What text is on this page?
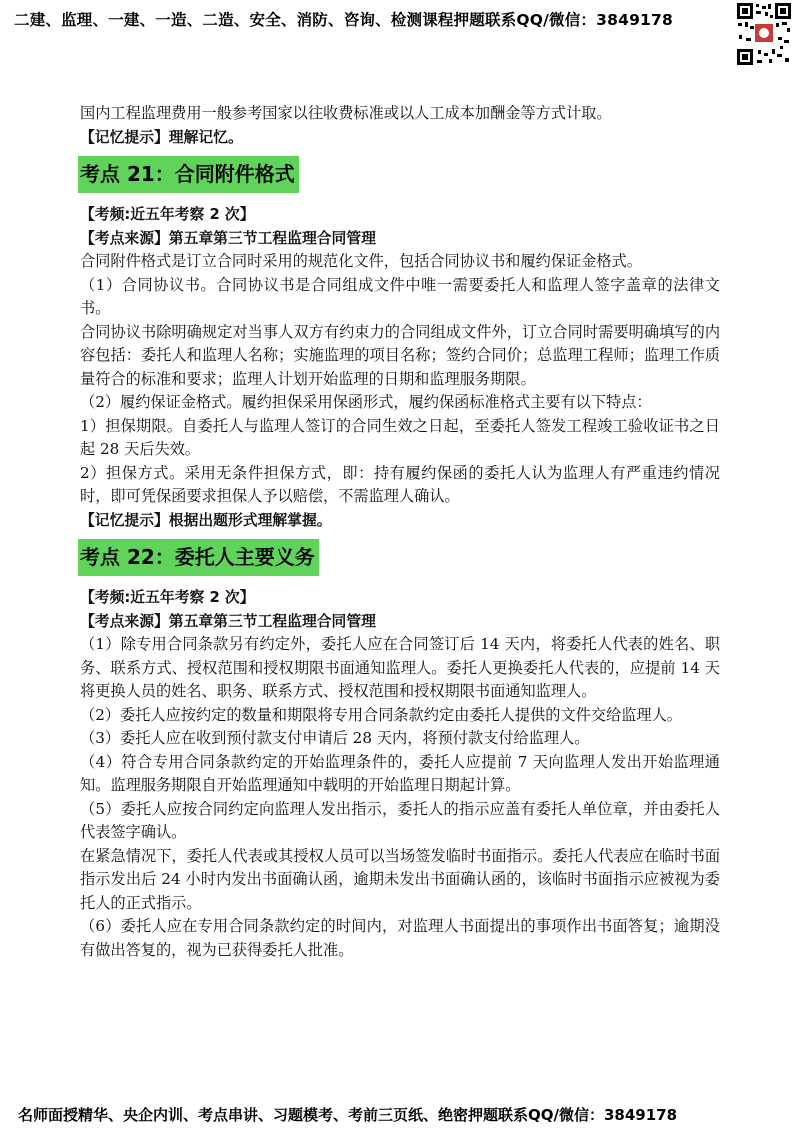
二建、监理、一建、一造、二造、安全、消防、咨询、检测课程押题联系QQ/微信：3849178

国内工程监理费用一般参考国家以往收费标准或以人工成本加酬金等方式计取。

【记忆提示】理解记忆。

考点 21：合同附件格式

【考频:近五年考察 2 次】

【考点来源】第五章第三节工程监理合同管理

合同附件格式是订立合同时采用的规范化文件，包括合同协议书和履约保证金格式。

（1）合同协议书。合同协议书是合同组成文件中唯一需要委托人和监理人签字盖章的法律文书。

合同协议书除明确规定对当事人双方有约束力的合同组成文件外，订立合同时需要明确填写的内容包括：委托人和监理人名称；实施监理的项目名称；签约合同价；总监理工程师；监理工作质量符合的标准和要求；监理人计划开始监理的日期和监理服务期限。

（2）履约保证金格式。履约担保采用保函形式，履约保函标准格式主要有以下特点：

1）担保期限。自委托人与监理人签订的合同生效之日起，至委托人签发工程竣工验收证书之日起 28 天后失效。

2）担保方式。采用无条件担保方式，即：持有履约保函的委托人认为监理人有严重违约情况时，即可凭保函要求担保人予以赔偿，不需监理人确认。

【记忆提示】根据出题形式理解掌握。

考点 22：委托人主要义务

【考频:近五年考察 2 次】

【考点来源】第五章第三节工程监理合同管理

（1）除专用合同条款另有约定外，委托人应在合同签订后 14 天内，将委托人代表的姓名、职务、联系方式、授权范围和授权期限书面通知监理人。委托人更换委托人代表的，应提前 14 天将更换人员的姓名、职务、联系方式、授权范围和授权期限书面通知监理人。

（2）委托人应按约定的数量和期限将专用合同条款约定由委托人提供的文件交给监理人。

（3）委托人应在收到预付款支付申请后 28 天内，将预付款支付给监理人。

（4）符合专用合同条款约定的开始监理条件的，委托人应提前 7 天向监理人发出开始监理通知。监理服务期限自开始监理通知中载明的开始监理日期起计算。

（5）委托人应按合同约定向监理人发出指示，委托人的指示应盖有委托人单位章，并由委托人代表签字确认。

在紧急情况下，委托人代表或其授权人员可以当场签发临时书面指示。委托人代表应在临时书面指示发出后 24 小时内发出书面确认函，逾期未发出书面确认函的，该临时书面指示应被视为委托人的正式指示。

（6）委托人应在专用合同条款约定的时间内，对监理人书面提出的事项作出书面答复；逾期没有做出答复的，视为已获得委托人批准。

名师面授精华、央企内训、考点串讲、习题模考、考前三页纸、绝密押题联系QQ/微信：3849178
